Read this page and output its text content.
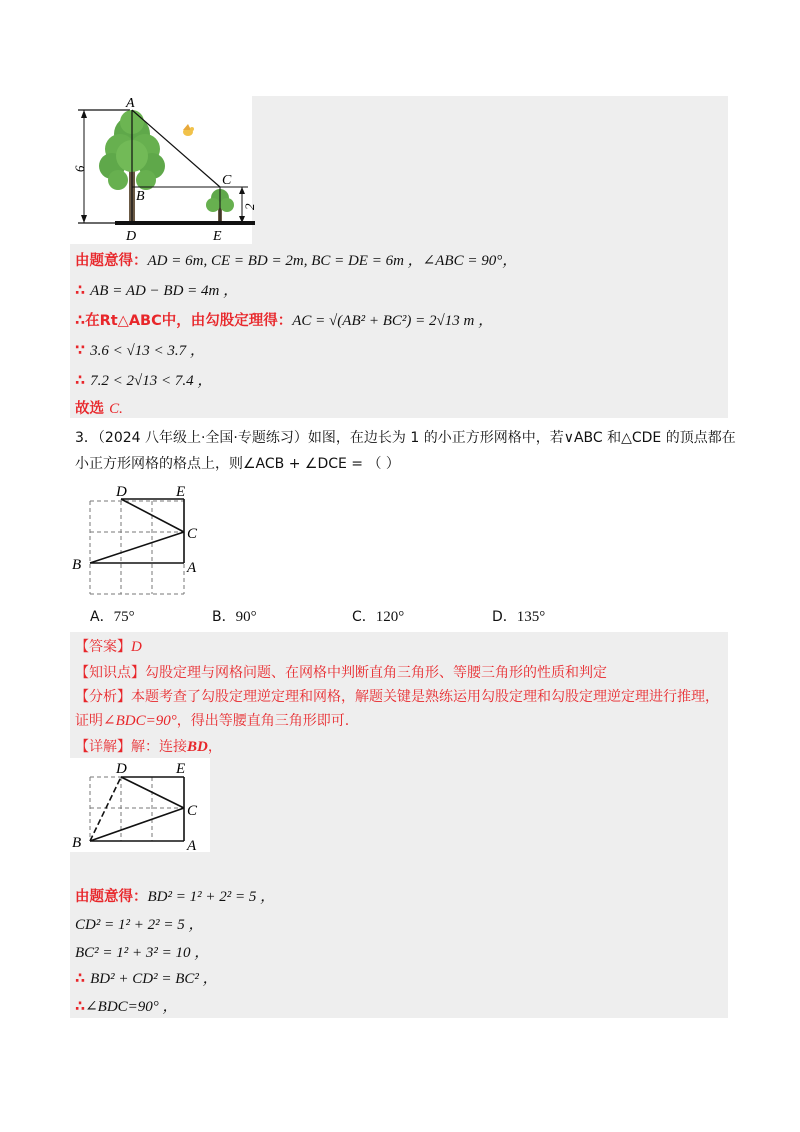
A
B
C
D	E
6
2
由题意得：AD = 6m, CE = BD = 2m, BC = DE = 6m ，∠ABC = 90°，
∴ AB = AD − BD = 4m ，
∴在Rt△ABC中，由勾股定理得：AC = √(AB² + BC²) = 2√13 m ，
∵ 3.6 < √13 < 3.7 ，
∴ 7.2 < 2√13 < 7.4 ，
故选 C.
3．（2024 八年级上·全国·专题练习）如图，在边长为 1 的小正方形网格中，若∨ABC 和△CDE 的顶点都在
小正方形网格的格点上，则∠ACB + ∠DCE = （ ）
D	E
C
B	A
A．75°	B．90°	C．120°	D．135°
【答案】D
【知识点】勾股定理与网格问题、在网格中判断直角三角形、等腰三角形的性质和判定
【分析】本题考查了勾股定理逆定理和网格，解题关键是熟练运用勾股定理和勾股定理逆定理进行推理，
证明∠BDC=90°，得出等腰直角三角形即可.
【详解】解：连接BD，
D	E
C
B	A
由题意得：BD² = 1² + 2² = 5 ，
CD² = 1² + 2² = 5 ，
BC² = 1² + 3² = 10 ，
∴ BD² + CD² = BC² ，
∴∠BDC=90° ，
